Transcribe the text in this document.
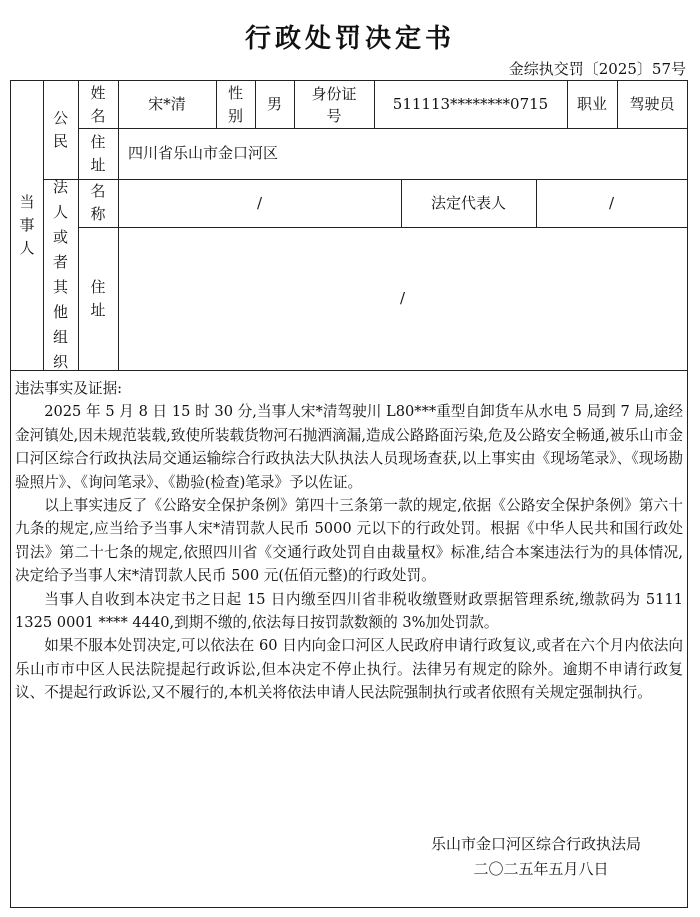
行政处罚决定书
金综执交罚〔2025〕57号
当事人
公民
法人或者其他组织
姓名
宋*清
性别
男
身份证号
511113********0715 职业 驾驶员
住址
四川省乐山市金口河区
名称
/	法定代表人	/
住址
/

违法事实及证据:

2025 年 5 月 8 日 15 时 30 分,当事人宋*清驾驶川 L80***重型自卸货车从水电 5 局到 7 局,途经金河镇处,因未规范装载,致使所装载货物河石抛洒滴漏,造成公路路面污染,危及公路安全畅通,被乐山市金口河区综合行政执法局交通运输综合行政执法大队执法人员现场查获,以上事实由《现场笔录》、《现场勘验照片》、《询问笔录》、《勘验(检查)笔录》予以佐证。

以上事实违反了《公路安全保护条例》第四十三条第一款的规定,依据《公路安全保护条例》第六十九条的规定,应当给予当事人宋*清罚款人民币 5000 元以下的行政处罚。根据《中华人民共和国行政处罚法》第二十七条的规定,依照四川省《交通行政处罚自由裁量权》标准,结合本案违法行为的具体情况,决定给予当事人宋*清罚款人民币 500 元(伍佰元整)的行政处罚。

当事人自收到本决定书之日起 15 日内缴至四川省非税收缴暨财政票据管理系统,缴款码为 5111 1325 0001 **** 4440,到期不缴的,依法每日按罚款数额的 3%加处罚款。

如果不服本处罚决定,可以依法在 60 日内向金口河区人民政府申请行政复议,或者在六个月内依法向乐山市市中区人民法院提起行政诉讼,但本决定不停止执行。法律另有规定的除外。逾期不申请行政复议、不提起行政诉讼,又不履行的,本机关将依法申请人民法院强制执行或者依照有关规定强制执行。

乐山市金口河区综合行政执法局
二〇二五年五月八日
